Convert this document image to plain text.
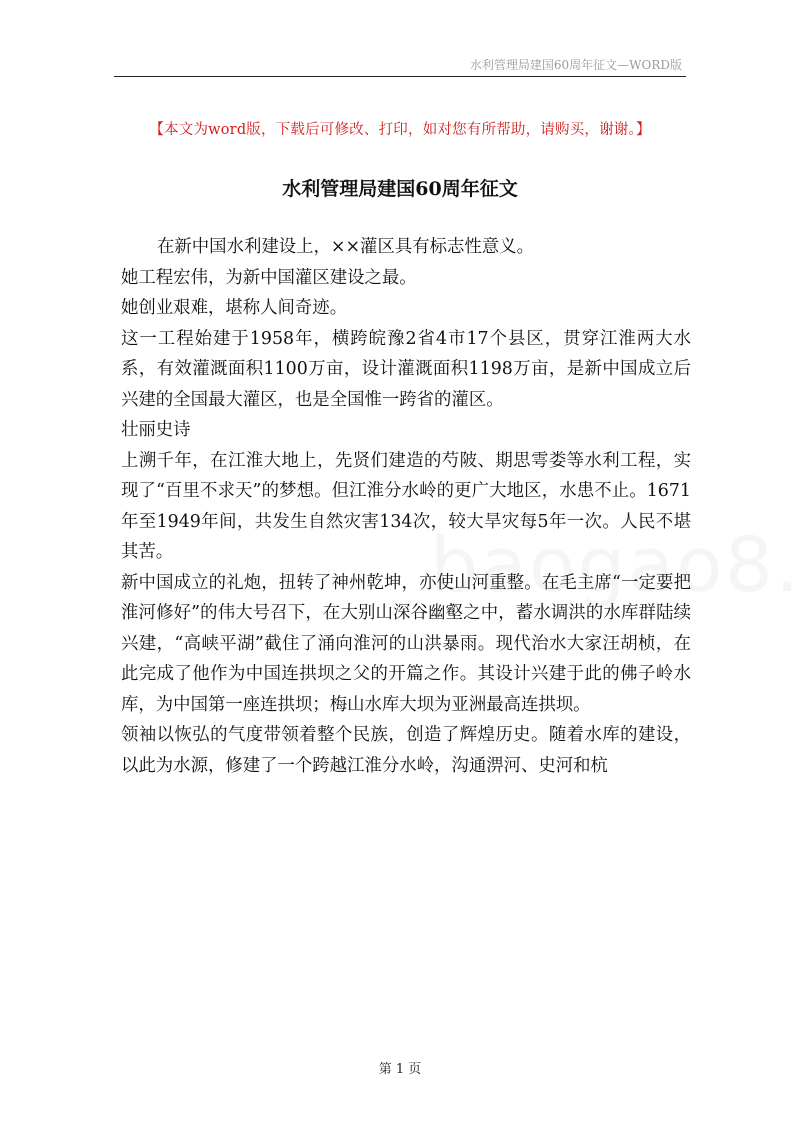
水利管理局建国60周年征文—WORD版
【本文为word版，下载后可修改、打印，如对您有所帮助，请购买，谢谢。】
水利管理局建国60周年征文

在新中国水利建设上，××灌区具有标志性意义。

她工程宏伟，为新中国灌区建设之最。

她创业艰难，堪称人间奇迹。

这一工程始建于1958年，横跨皖豫2省4市17个县区，贯穿江淮两大水系，有效灌溉面积1100万亩，设计灌溉面积1198万亩，是新中国成立后兴建的全国最大灌区，也是全国惟一跨省的灌区。

壮丽史诗

上溯千年，在江淮大地上，先贤们建造的芍陂、期思雩娄等水利工程，实现了“百里不求天”的梦想。但江淮分水岭的更广大地区，水患不止。1671年至1949年间，共发生自然灾害134次，较大旱灾每5年一次。人民不堪其苦。

新中国成立的礼炮，扭转了神州乾坤，亦使山河重整。在毛主席“一定要把淮河修好”的伟大号召下，在大别山深谷幽壑之中，蓄水调洪的水库群陆续兴建，“高峡平湖”截住了涌向淮河的山洪暴雨。现代治水大家汪胡桢，在此完成了他作为中国连拱坝之父的开篇之作。其设计兴建于此的佛子岭水库，为中国第一座连拱坝；梅山水库大坝为亚洲最高连拱坝。

领袖以恢弘的气度带领着整个民族，创造了辉煌历史。随着水库的建设，以此为水源，修建了一个跨越江淮分水岭，沟通淠河、史河和杭

第 1 页
